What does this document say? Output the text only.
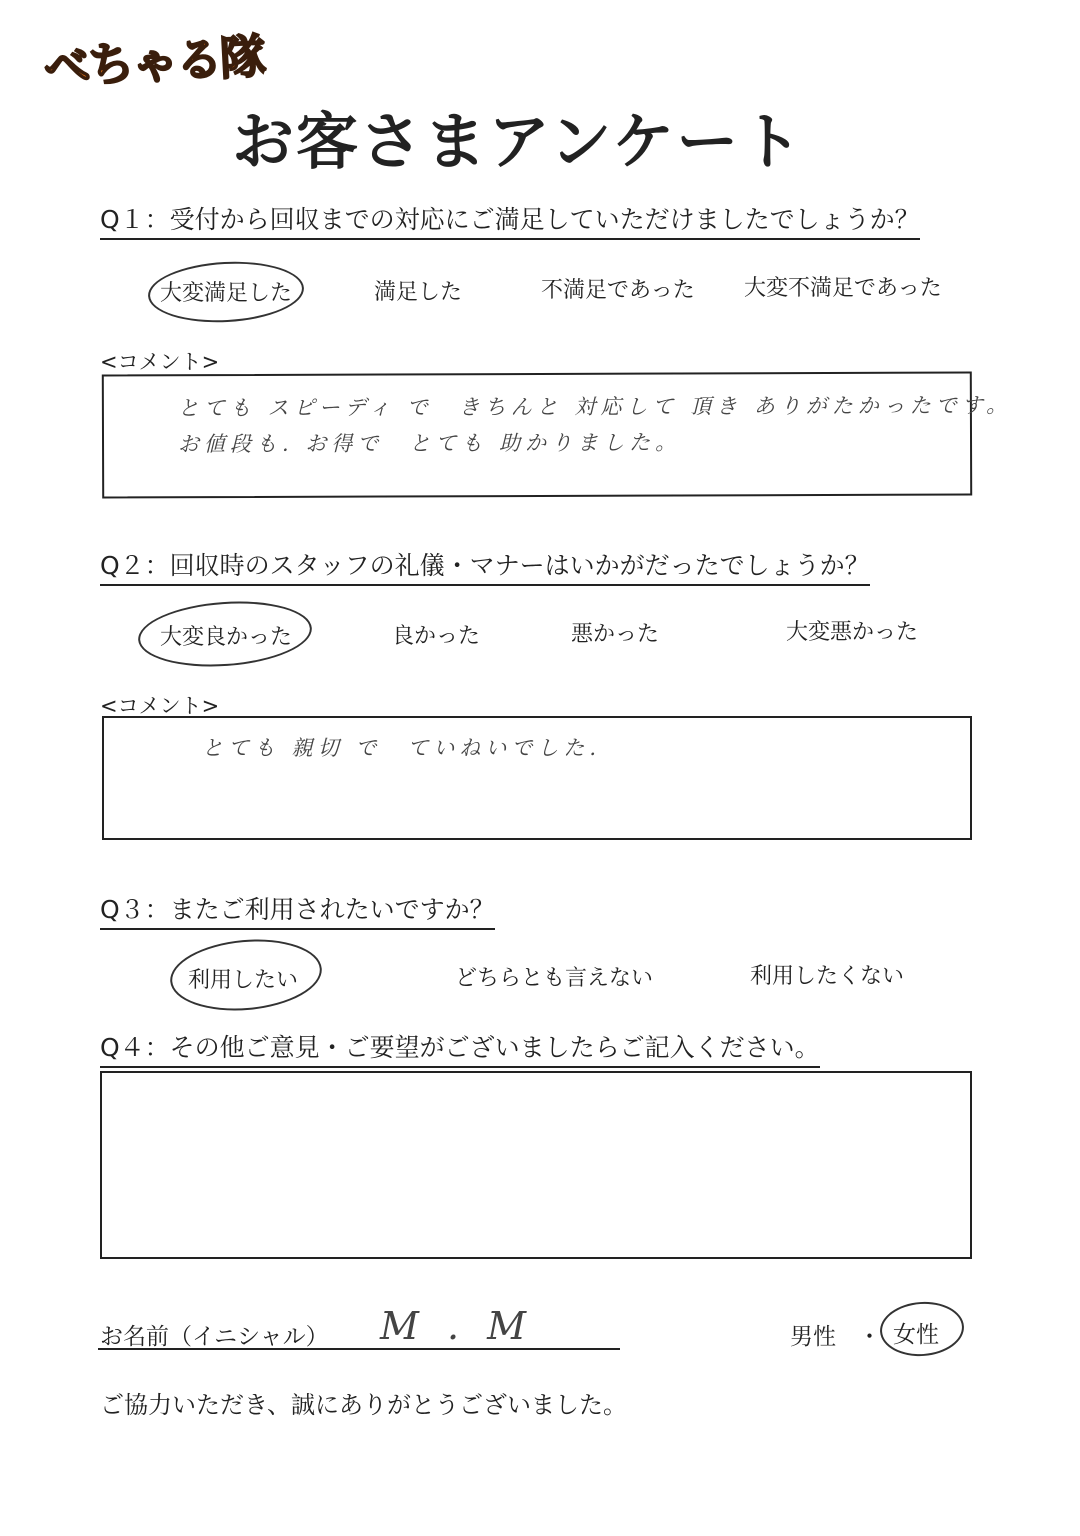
べちゃる隊
お客さまアンケート
Q１：受付から回収までの対応にご満足していただけましたでしょうか？
大変満足した	満足した	不満足であった 大変不満足であった
<コメント>
とても スピーディ で　きちんと 対応して 頂き ありがたかったです。
お値段も. お得で　とても 助かりました。
Q２：回収時のスタッフの礼儀・マナーはいかがだったでしょうか？
大変良かった	良かった	悪かった	大変悪かった
<コメント>
とても 親切 で　ていねいでした.
Q３：またご利用されたいですか？
利用したい	どちらとも言えない	利用したくない
Q４：その他ご意見・ご要望がございましたらご記入ください。
お名前（イニシャル） M . M	男性 ・ 女性
ご協力いただき、誠にありがとうございました。
